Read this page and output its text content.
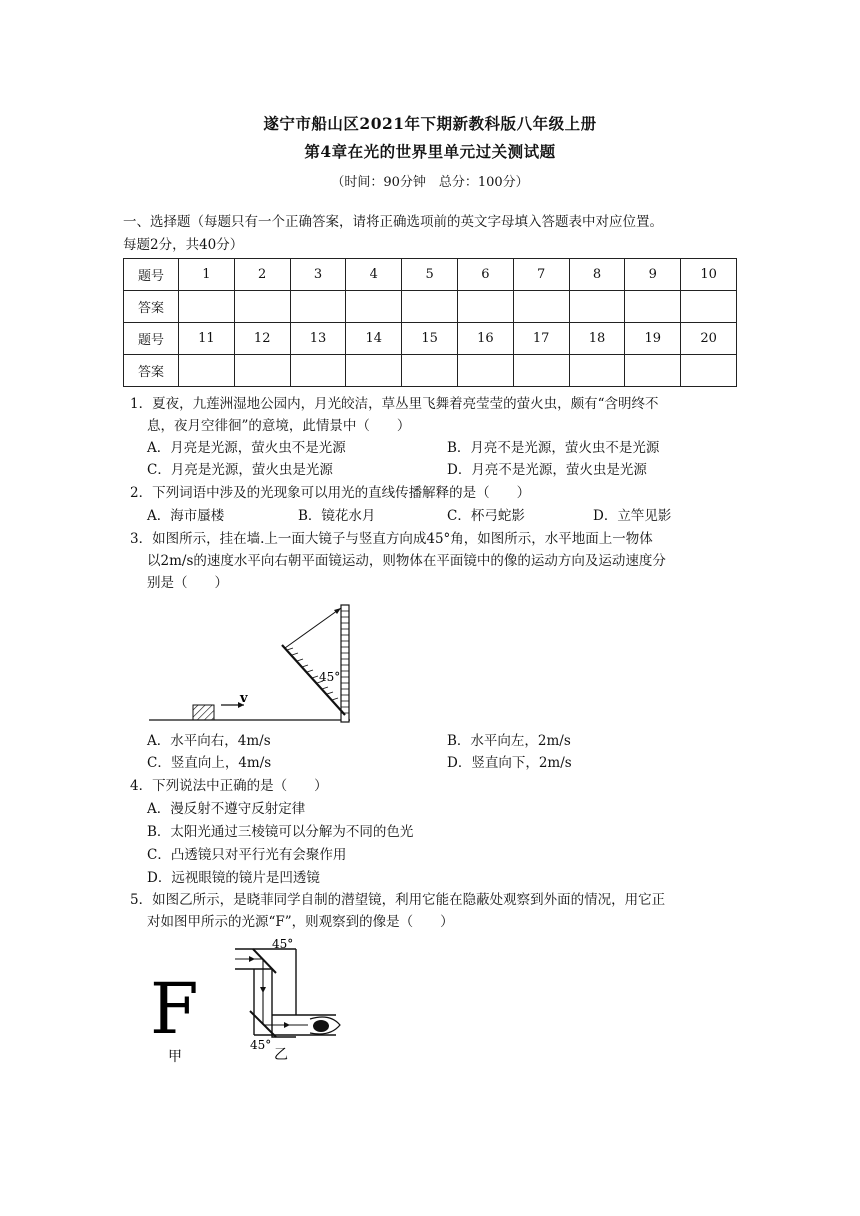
遂宁市船山区2021年下期新教科版八年级上册
第4章在光的世界里单元过关测试题
（时间：90分钟　总分：100分）
一、选择题（每题只有一个正确答案，请将正确选项前的英文字母填入答题表中对应位置。
每题2分，共40分）
题号	1	2	3	4	5	6	7	8	9	10
答案										
题号	11	12	13	14	15	16	17	18	19	20
答案										
1．夏夜，九莲洲湿地公园内，月光皎洁，草丛里飞舞着亮莹莹的萤火虫，颇有“含明终不
息，夜月空徘徊”的意境，此情景中（　　）
A．月亮是光源，萤火虫不是光源	B．月亮不是光源，萤火虫不是光源
C．月亮是光源，萤火虫是光源	D．月亮不是光源，萤火虫是光源
2．下列词语中涉及的光现象可以用光的直线传播解释的是（　　）
A．海市蜃楼	B．镜花水月	C．杯弓蛇影	D．立竿见影
3．如图所示，挂在墙.上一面大镜子与竖直方向成45°角，如图所示，水平地面上一物体
以2m/s的速度水平向右朝平面镜运动，则物体在平面镜中的像的运动方向及运动速度分
别是（　　）
v
45°
A．水平向右，4m/s	B．水平向左，2m/s
C．竖直向上，4m/s	D．竖直向下，2m/s
4．下列说法中正确的是（　　）
A．漫反射不遵守反射定律
B．太阳光通过三棱镜可以分解为不同的色光
C．凸透镜只对平行光有会聚作用
D．远视眼镜的镜片是凹透镜
5．如图乙所示，是晓菲同学自制的潜望镜，利用它能在隐蔽处观察到外面的情况，用它正
对如图甲所示的光源“F”，则观察到的像是（　　）
F
甲
45°
45°
乙
